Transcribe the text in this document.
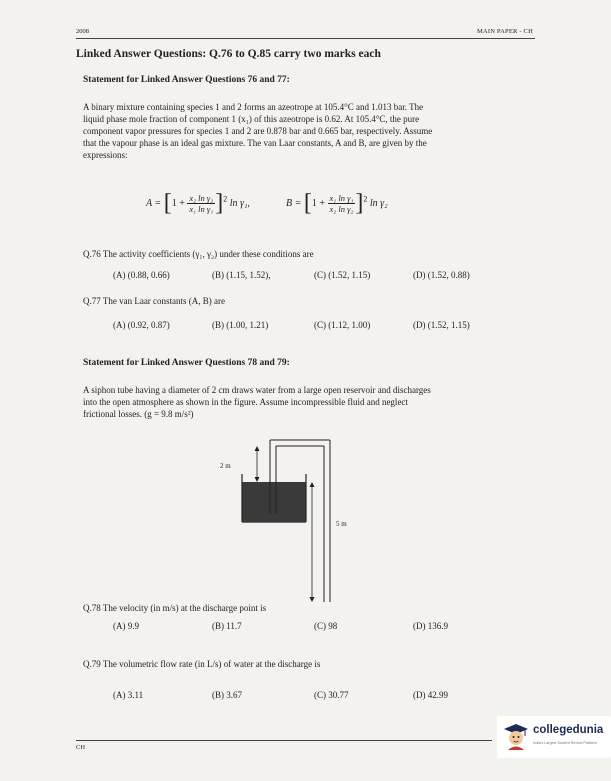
2008	MAIN PAPER - CH
Linked Answer Questions: Q.76 to Q.85 carry two marks each
Statement for Linked Answer Questions 76 and 77:
A binary mixture containing species 1 and 2 forms an azeotrope at 105.4°C and 1.013 bar. The
liquid phase mole fraction of component 1 (x₁) of this azeotrope is 0.62. At 105.4°C, the pure
component vapor pressures for species 1 and 2 are 0.878 bar and 0.665 bar, respectively. Assume
that the vapour phase is an ideal gas mixture. The van Laar constants, A and B, are given by the
expressions:
$A = [1 + \frac{\text{x₂ ln γ₂}}{\text{x₁ ln γ₁}} ]^2$ ln γ₁,	$B = [1 + \frac{\text{x₁ ln γ₁}}{\text{x₂ ln γ₂}} ]^2$ ln γ₂
Q.76 The activity coefficients (γ₁, γ₂) under these conditions are
(A) (0.88, 0.66)	(B) (1.15, 1.52),	(C) (1.52, 1.15)	(D) (1.52, 0.88)
Q.77 The van Laar constants (A, B) are
(A) (0.92, 0.87)	(B) (1.00, 1.21)	(C) (1.12, 1.00)	(D) (1.52, 1.15)
Statement for Linked Answer Questions 78 and 79:
A siphon tube having a diameter of 2 cm draws water from a large open reservoir and discharges
into the open atmosphere as shown in the figure. Assume incompressible fluid and neglect
frictional losses. (g = 9.8 m/s²)
2 m
5 m
Q.78 The velocity (in m/s) at the discharge point is
(A) 9.9	(B) 11.7	(C) 98	(D) 136.9
Q.79 The volumetric flow rate (in L/s) of water at the discharge is
(A) 3.11	(B) 3.67	(C) 30.77	(D) 42.99
CH
collegedunia
India's Largest Student Review Platform
